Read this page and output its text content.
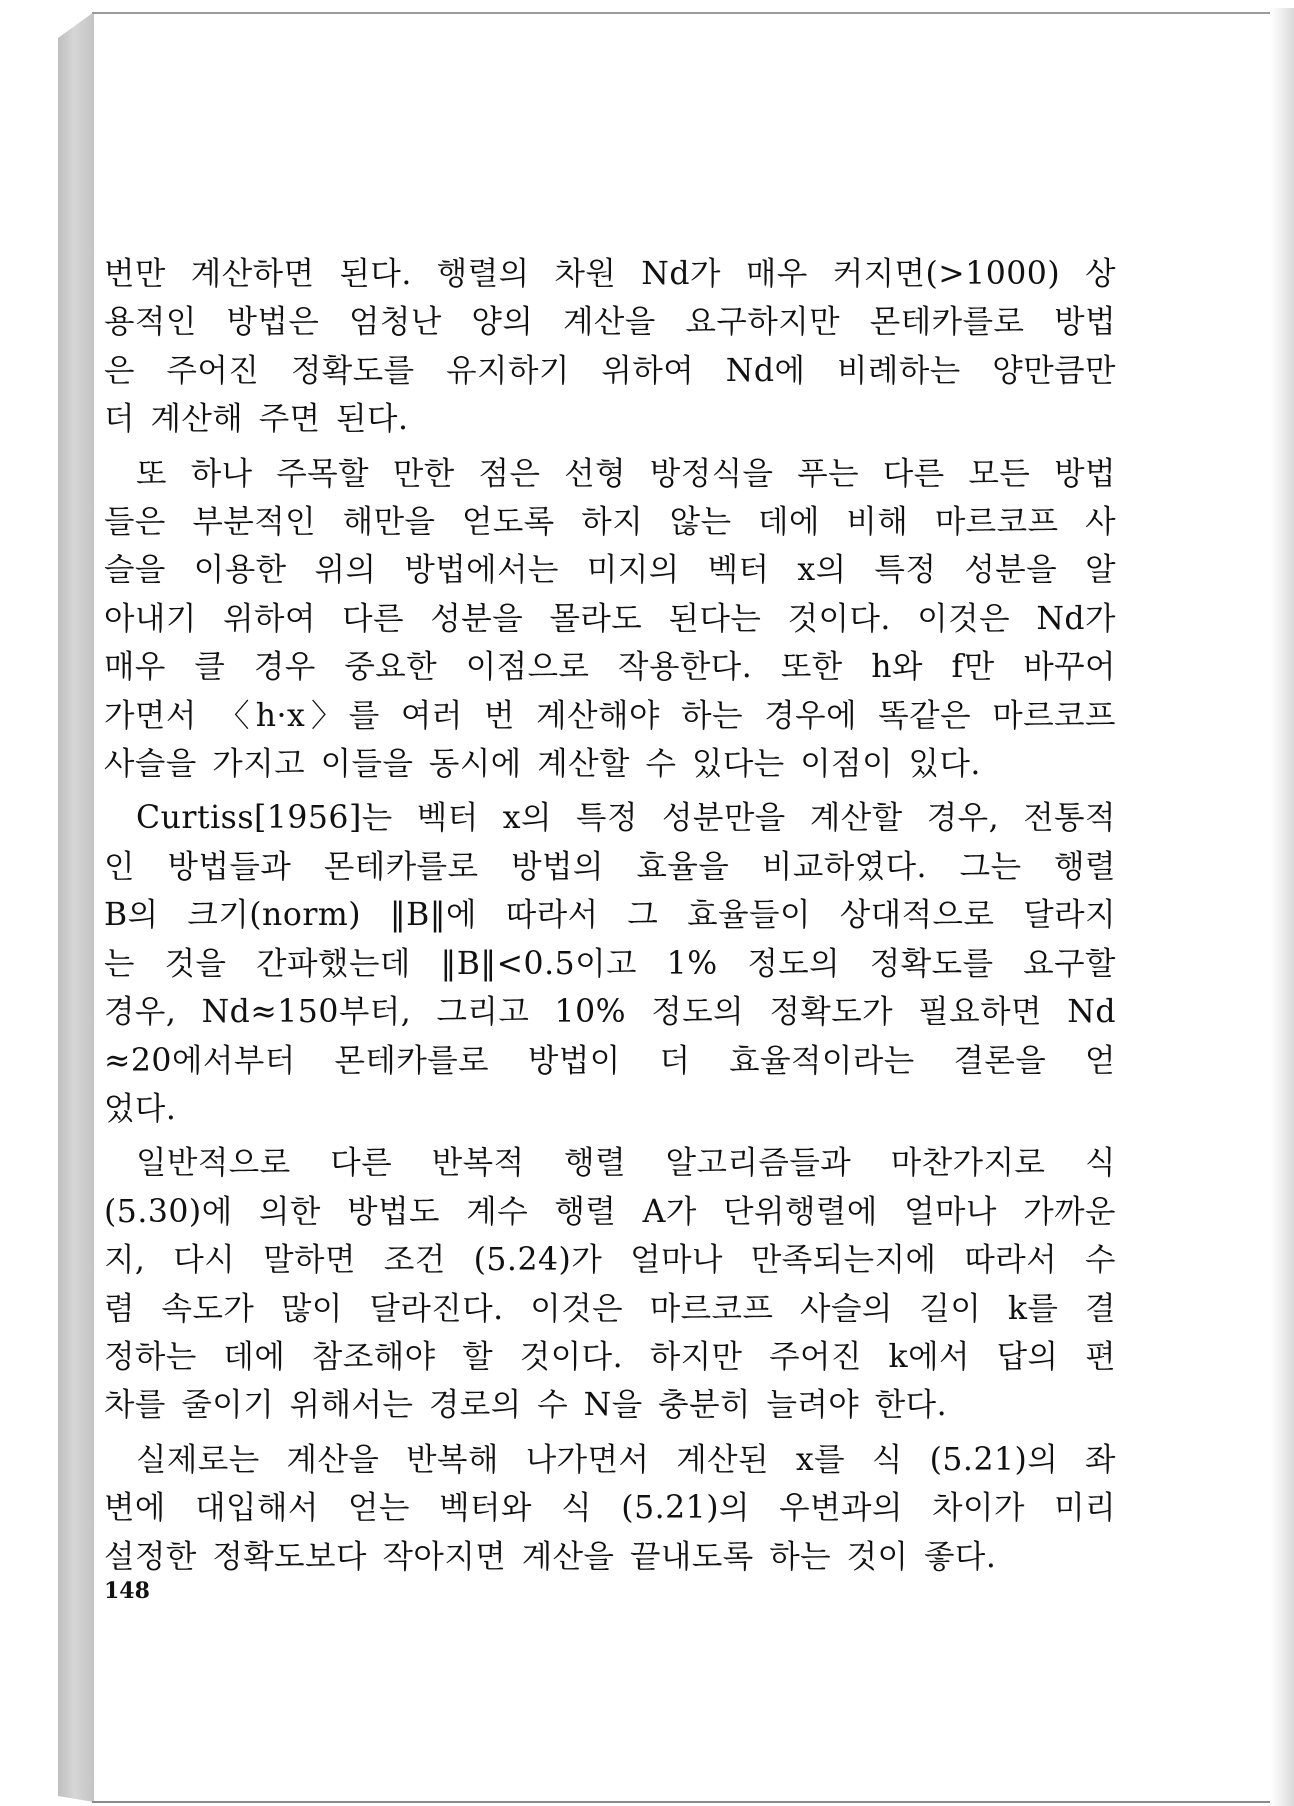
번만 계산하면 된다. 행렬의 차원 Nd가 매우 커지면(>1000) 상
용적인 방법은 엄청난 양의 계산을 요구하지만 몬테카를로 방법
은 주어진 정확도를 유지하기 위하여 Nd에 비례하는 양만큼만
더 계산해 주면 된다.
또 하나 주목할 만한 점은 선형 방정식을 푸는 다른 모든 방법
들은 부분적인 해만을 얻도록 하지 않는 데에 비해 마르코프 사
슬을 이용한 위의 방법에서는 미지의 벡터 x의 특정 성분을 알
아내기 위하여 다른 성분을 몰라도 된다는 것이다. 이것은 Nd가
매우 클 경우 중요한 이점으로 작용한다. 또한 h와 f만 바꾸어
가면서 〈h·x〉를 여러 번 계산해야 하는 경우에 똑같은 마르코프
사슬을 가지고 이들을 동시에 계산할 수 있다는 이점이 있다.
Curtiss[1956]는 벡터 x의 특정 성분만을 계산할 경우, 전통적
인 방법들과 몬테카를로 방법의 효율을 비교하였다. 그는 행렬
B의 크기(norm) ‖B‖에 따라서 그 효율들이 상대적으로 달라지
는 것을 간파했는데 ‖B‖<0.5이고 1% 정도의 정확도를 요구할
경우, Nd≈150부터, 그리고 10% 정도의 정확도가 필요하면 Nd
≈20에서부터 몬테카를로 방법이 더 효율적이라는 결론을 얻
었다.
일반적으로 다른 반복적 행렬 알고리즘들과 마찬가지로 식
(5.30)에 의한 방법도 계수 행렬 A가 단위행렬에 얼마나 가까운
지, 다시 말하면 조건 (5.24)가 얼마나 만족되는지에 따라서 수
렴 속도가 많이 달라진다. 이것은 마르코프 사슬의 길이 k를 결
정하는 데에 참조해야 할 것이다. 하지만 주어진 k에서 답의 편
차를 줄이기 위해서는 경로의 수 N을 충분히 늘려야 한다.
실제로는 계산을 반복해 나가면서 계산된 x를 식 (5.21)의 좌
변에 대입해서 얻는 벡터와 식 (5.21)의 우변과의 차이가 미리
설정한 정확도보다 작아지면 계산을 끝내도록 하는 것이 좋다.
148
